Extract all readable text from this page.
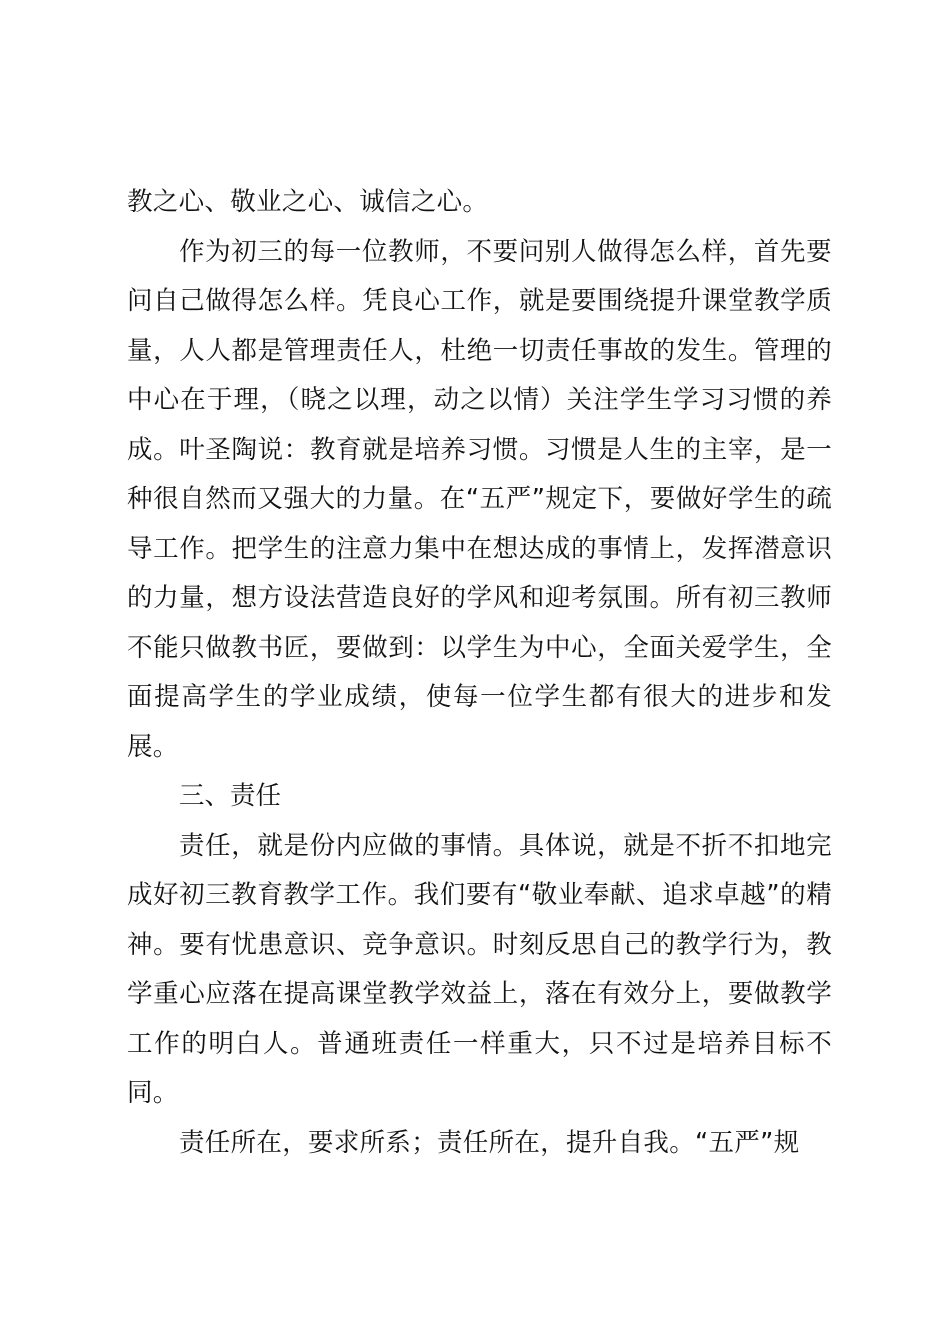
教之心、敬业之心、诚信之心。

作为初三的每一位教师，不要问别人做得怎么样，首先要问自己做得怎么样。凭良心工作，就是要围绕提升课堂教学质量，人人都是管理责任人，杜绝一切责任事故的发生。管理的中心在于理，（晓之以理，动之以情）关注学生学习习惯的养成。叶圣陶说：教育就是培养习惯。习惯是人生的主宰，是一种很自然而又强大的力量。在“五严”规定下，要做好学生的疏导工作。把学生的注意力集中在想达成的事情上，发挥潜意识的力量，想方设法营造良好的学风和迎考氛围。所有初三教师不能只做教书匠，要做到：以学生为中心，全面关爱学生，全面提高学生的学业成绩，使每一位学生都有很大的进步和发展。

三、责任

责任，就是份内应做的事情。具体说，就是不折不扣地完成好初三教育教学工作。我们要有“敬业奉献、追求卓越”的精神。要有忧患意识、竞争意识。时刻反思自己的教学行为，教学重心应落在提高课堂教学效益上，落在有效分上，要做教学工作的明白人。普通班责任一样重大，只不过是培养目标不同。

责任所在，要求所系；责任所在，提升自我。“五严”规
